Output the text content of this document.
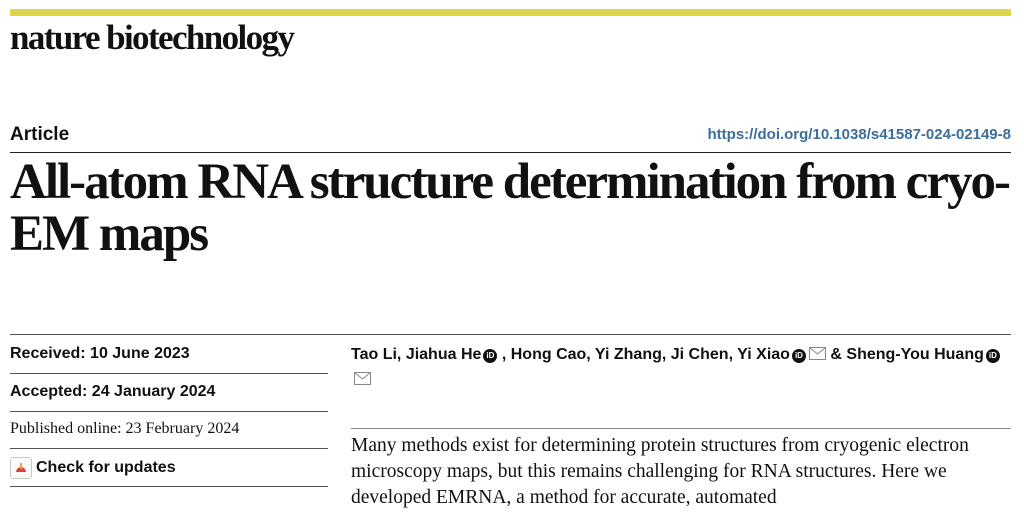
nature biotechnology
Article	https://doi.org/10.1038/s41587-024-02149-8
All-atom RNA structure determination from cryo-EM maps
Received: 10 June 2023
Accepted: 24 January 2024
Published online: 23 February 2024
Check for updates
Tao Li, Jiahua He iD , Hong Cao, Yi Zhang, Ji Chen, Yi Xiao iD & Sheng-You Huang iD

Many methods exist for determining protein structures from cryogenic electron microscopy maps, but this remains challenging for RNA structures. Here we developed EMRNA, a method for accurate, automated
